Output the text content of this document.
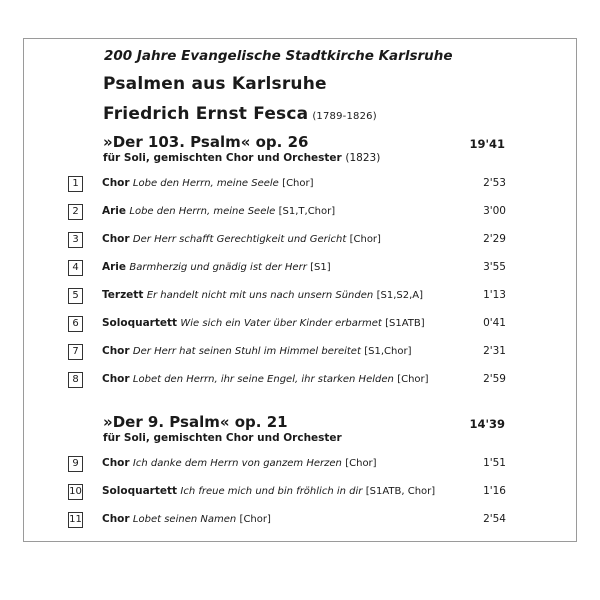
200 Jahre Evangelische Stadtkirche Karlsruhe
Psalmen aus Karlsruhe
Friedrich Ernst Fesca (1789-1826)
»Der 103. Psalm« op. 26	19'41
für Soli, gemischten Chor und Orchester (1823)
1	Chor Lobe den Herrn, meine Seele [Chor]	2'53
2	Arie Lobe den Herrn, meine Seele [S1,T,Chor]	3'00
3	Chor Der Herr schafft Gerechtigkeit und Gericht [Chor]	2'29
4	Arie Barmherzig und gnädig ist der Herr [S1]	3'55
5	Terzett Er handelt nicht mit uns nach unsern Sünden [S1,S2,A]	1'13
6	Soloquartett Wie sich ein Vater über Kinder erbarmet [S1ATB]	0'41
7	Chor Der Herr hat seinen Stuhl im Himmel bereitet [S1,Chor]	2'31
8	Chor Lobet den Herrn, ihr seine Engel, ihr starken Helden [Chor]	2'59
»Der 9. Psalm« op. 21	14'39
für Soli, gemischten Chor und Orchester
9	Chor Ich danke dem Herrn von ganzem Herzen [Chor]	1'51
10 Soloquartett Ich freue mich und bin fröhlich in dir [S1ATB, Chor]	1'16
11 Chor Lobet seinen Namen [Chor]	2'54
